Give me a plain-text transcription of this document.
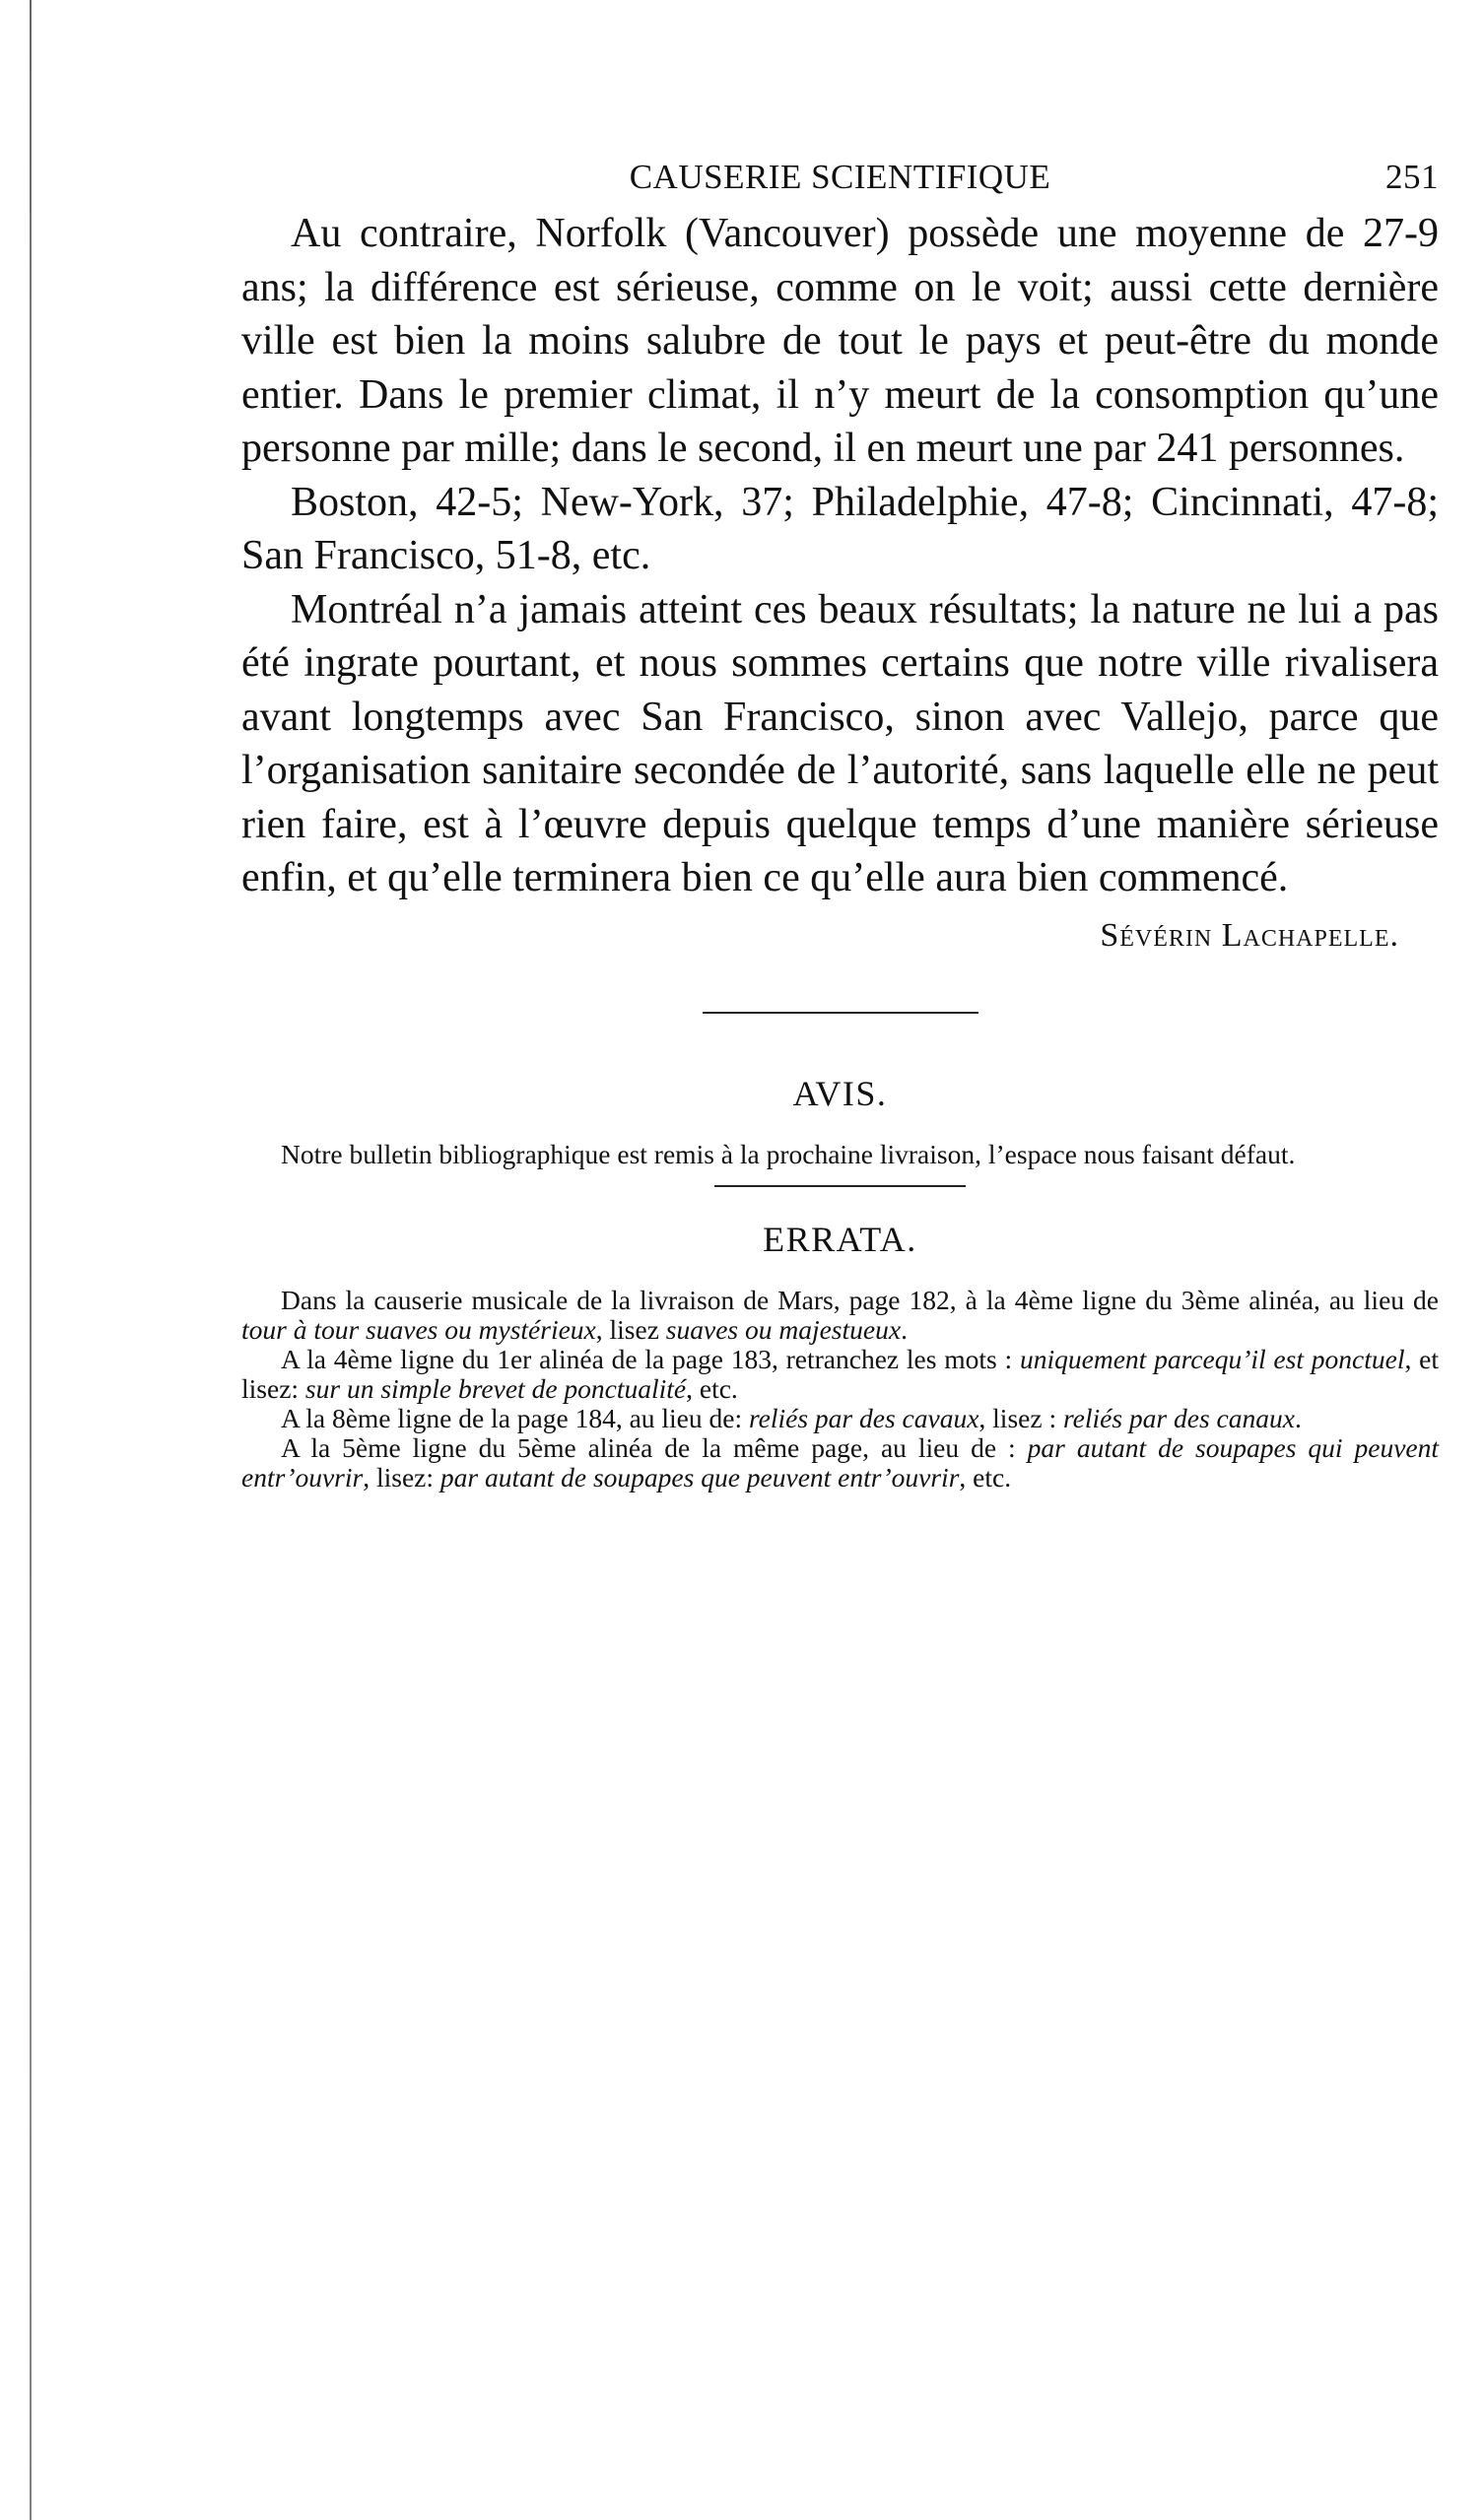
CAUSERIE SCIENTIFIQUE	251

Au contraire, Norfolk (Vancouver) possède une moyenne de 27-9 ans; la différence est sérieuse, comme on le voit; aussi cette dernière ville est bien la moins salubre de tout le pays et peut-être du monde entier. Dans le premier climat, il n’y meurt de la consomption qu’une personne par mille; dans le second, il en meurt une par 241 personnes.

Boston, 42-5; New-York, 37; Philadelphie, 47-8; Cincinnati, 47-8; San Francisco, 51-8, etc.

Montréal n’a jamais atteint ces beaux résultats; la nature ne lui a pas été ingrate pourtant, et nous sommes certains que notre ville rivalisera avant longtemps avec San Francisco, sinon avec Vallejo, parce que l’organisation sanitaire secondée de l’autorité, sans laquelle elle ne peut rien faire, est à l’œuvre depuis quelque temps d’une manière sérieuse enfin, et qu’elle terminera bien ce qu’elle aura bien commencé.

Sévérin Lachapelle.
AVIS.

Notre bulletin bibliographique est remis à la prochaine livraison, l’espace nous faisant défaut.

ERRATA.

Dans la causerie musicale de la livraison de Mars, page 182, à la 4ème ligne du 3ème alinéa, au lieu de tour à tour suaves ou mystérieux, lisez suaves ou majestueux.

A la 4ème ligne du 1er alinéa de la page 183, retranchez les mots : uniquement parcequ’il est ponctuel, et lisez: sur un simple brevet de ponctualité, etc.

A la 8ème ligne de la page 184, au lieu de: reliés par des cavaux, lisez : reliés par des canaux.

A la 5ème ligne du 5ème alinéa de la même page, au lieu de : par autant de soupapes qui peuvent entr’ouvrir, lisez: par autant de soupapes que peuvent entr’ouvrir, etc.
